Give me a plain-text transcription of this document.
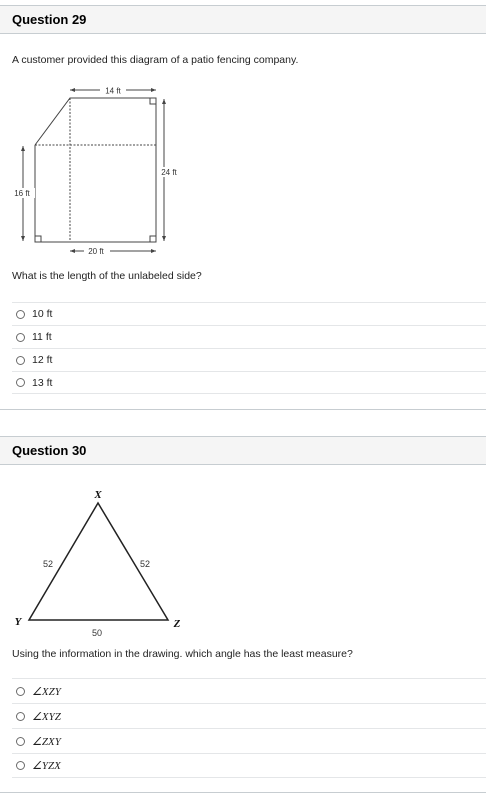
Question 29
A customer provided this diagram of a patio fencing company.
14 ft
24 ft
16 ft
20 ft
What is the length of the unlabeled side?
10 ft
11 ft
12 ft
13 ft
Question 30
X
Y	Z
52	52
50
Using the information in the drawing. which angle has the least measure?
∠XZY
∠XYZ
∠ZXY
∠YZX
